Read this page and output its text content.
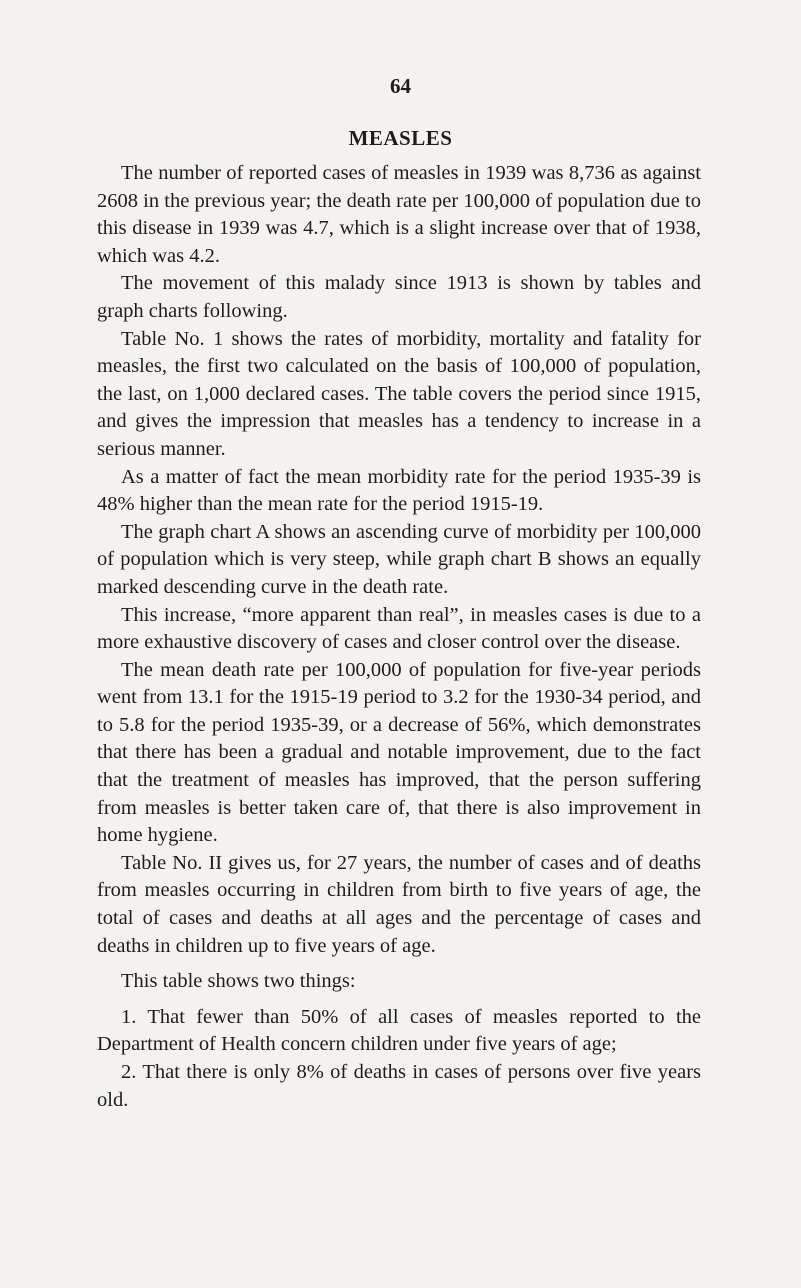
64
MEASLES

The number of reported cases of measles in 1939 was 8,736 as against 2608 in the previous year; the death rate per 100,000 of population due to this disease in 1939 was 4.7, which is a slight increase over that of 1938, which was 4.2.

The movement of this malady since 1913 is shown by tables and graph charts following.

Table No. 1 shows the rates of morbidity, mortality and fatality for measles, the first two calculated on the basis of 100,000 of population, the last, on 1,000 declared cases. The table covers the period since 1915, and gives the impression that measles has a tendency to increase in a serious manner.

As a matter of fact the mean morbidity rate for the period 1935-39 is 48% higher than the mean rate for the period 1915-19.

The graph chart A shows an ascending curve of morbidity per 100,000 of population which is very steep, while graph chart B shows an equally marked descending curve in the death rate.

This increase, “more apparent than real”, in measles cases is due to a more exhaustive discovery of cases and closer control over the disease.

The mean death rate per 100,000 of population for five-year periods went from 13.1 for the 1915-19 period to 3.2 for the 1930-34 period, and to 5.8 for the period 1935-39, or a decrease of 56%, which demonstrates that there has been a gradual and notable improvement, due to the fact that the treatment of measles has improved, that the person suffering from measles is better taken care of, that there is also improvement in home hygiene.

Table No. II gives us, for 27 years, the number of cases and of deaths from measles occurring in children from birth to five years of age, the total of cases and deaths at all ages and the percentage of cases and deaths in children up to five years of age.

This table shows two things:

1. That fewer than 50% of all cases of measles reported to the Department of Health concern children under five years of age;

2. That there is only 8% of deaths in cases of persons over five years old.
